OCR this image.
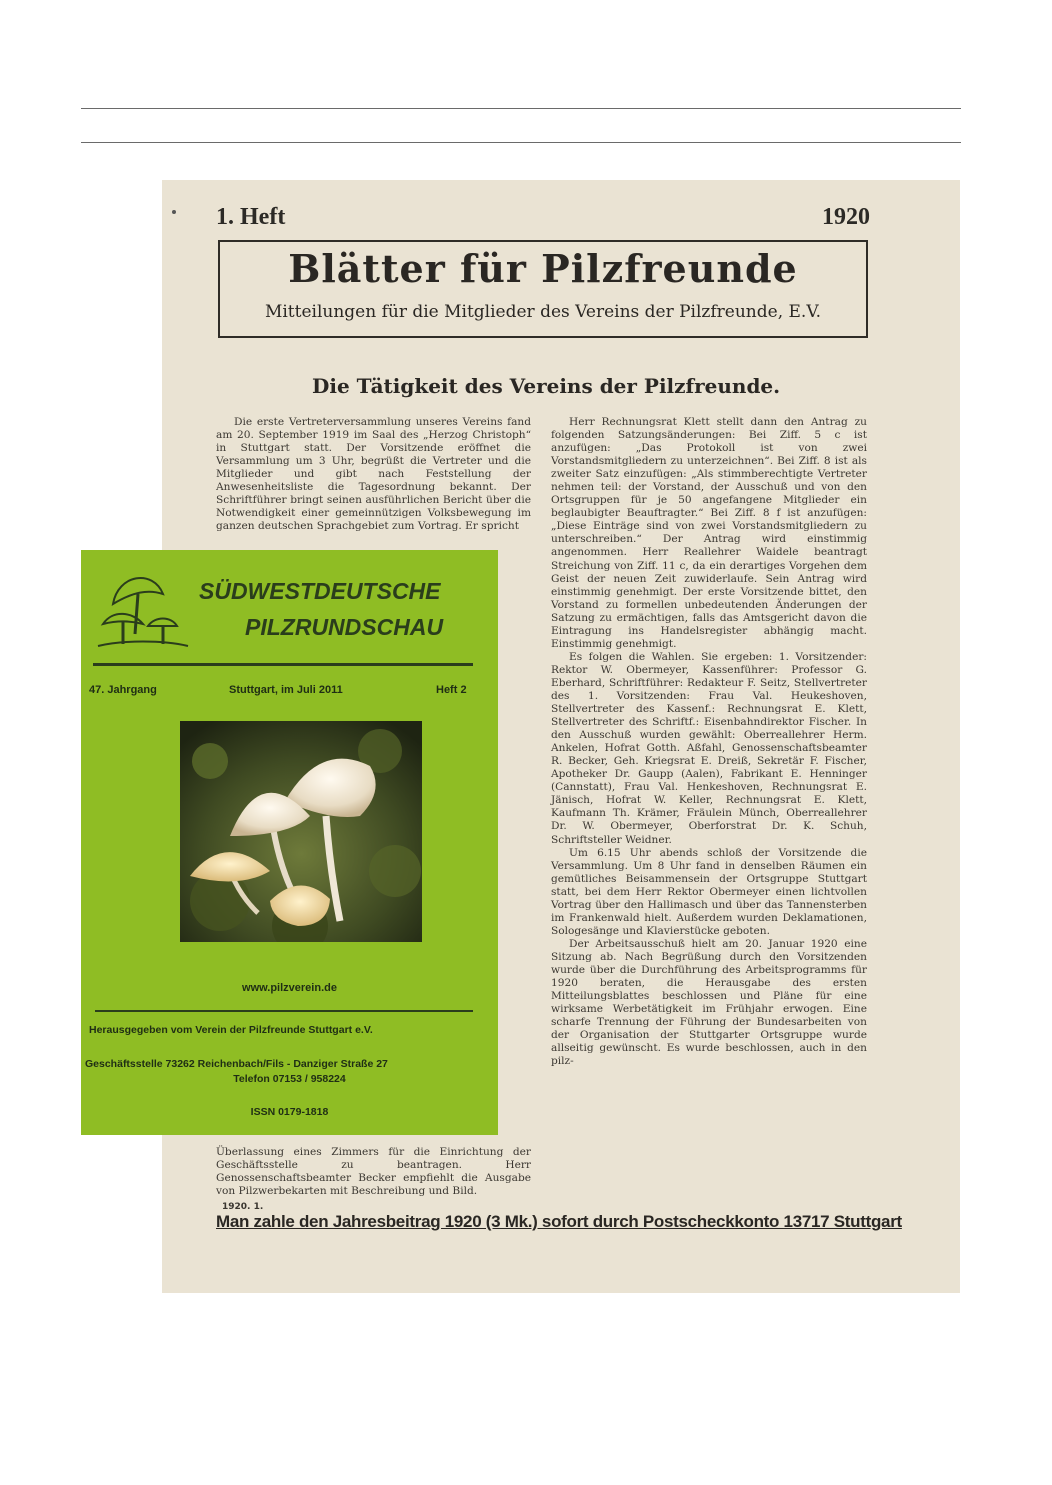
1. Heft	1920
Blätter für Pilzfreunde
Mitteilungen für die Mitglieder des Vereins der Pilzfreunde, E.V.
Die Tätigkeit des Vereins der Pilzfreunde.

Die erste Vertreterversammlung unseres Vereins fand am 20. September 1919 im Saal des „Herzog Christoph“ in Stuttgart statt. Der Vorsitzende eröffnet die Versammlung um 3 Uhr, begrüßt die Vertreter und die Mitglieder und gibt nach Feststellung der Anwesenheitsliste die Tagesordnung bekannt. Der Schriftführer bringt seinen ausführlichen Bericht über die Notwendigkeit einer gemeinnützigen Volksbewegung im ganzen deutschen Sprachgebiet zum Vortrag. Er spricht

Herr Rechnungsrat Klett stellt dann den Antrag zu folgenden Satzungsänderungen: Bei Ziff. 5 c ist anzufügen: „Das Protokoll ist von zwei Vorstandsmitgliedern zu unterzeichnen“. Bei Ziff. 8 ist als zweiter Satz einzufügen: „Als stimmberechtigte Vertreter nehmen teil: der Vorstand, der Ausschuß und von den Ortsgruppen für je 50 angefangene Mitglieder ein beglaubigter Beauftragter.“ Bei Ziff. 8 f ist anzufügen: „Diese Einträge sind von zwei Vorstandsmitgliedern zu unterschreiben.“ Der Antrag wird einstimmig angenommen. Herr Reallehrer Waidele beantragt Streichung von Ziff. 11 c, da ein derartiges Vorgehen dem Geist der neuen Zeit zuwiderlaufe. Sein Antrag wird einstimmig genehmigt. Der erste Vorsitzende bittet, den Vorstand zu formellen unbedeutenden Änderungen der Satzung zu ermächtigen, falls das Amtsgericht davon die Eintragung ins Handelsregister abhängig macht. Einstimmig genehmigt.

Es folgen die Wahlen. Sie ergeben: 1. Vorsitzender: Rektor W. Obermeyer, Kassenführer: Professor G. Eberhard, Schriftführer: Redakteur F. Seitz, Stellvertreter des 1. Vorsitzenden: Frau Val. Heukeshoven, Stellvertreter des Kassenf.: Rechnungsrat E. Klett, Stellvertreter des Schriftf.: Eisenbahndirektor Fischer. In den Ausschuß wurden gewählt: Oberreallehrer Herm. Ankelen, Hofrat Gotth. Aßfahl, Genossenschaftsbeamter R. Becker, Geh. Kriegsrat E. Dreiß, Sekretär F. Fischer, Apotheker Dr. Gaupp (Aalen), Fabrikant E. Henninger (Cannstatt), Frau Val. Henkeshoven, Rechnungsrat E. Jänisch, Hofrat W. Keller, Rechnungsrat E. Klett, Kaufmann Th. Krämer, Fräulein Münch, Oberreallehrer Dr. W. Obermeyer, Oberforstrat Dr. K. Schuh, Schriftsteller Weidner.

Um 6.15 Uhr abends schloß der Vorsitzende die Versammlung. Um 8 Uhr fand in denselben Räumen ein gemütliches Beisammensein der Ortsgruppe Stuttgart statt, bei dem Herr Rektor Obermeyer einen lichtvollen Vortrag über den Hallimasch und über das Tannensterben im Frankenwald hielt. Außerdem wurden Deklamationen, Sologesänge und Klavierstücke geboten.

Der Arbeitsausschuß hielt am 20. Januar 1920 eine Sitzung ab. Nach Begrüßung durch den Vorsitzenden wurde über die Durchführung des Arbeitsprogramms für 1920 beraten, die Herausgabe des ersten Mitteilungsblattes beschlossen und Pläne für eine wirksame Werbetätigkeit im Frühjahr erwogen. Eine scharfe Trennung der Führung der Bundesarbeiten von der Organisation der Stuttgarter Ortsgruppe wurde allseitig gewünscht. Es wurde beschlossen, auch in den pilz-

Überlassung eines Zimmers für die Einrichtung der Geschäftsstelle zu beantragen. Herr Genossenschaftsbeamter Becker empfiehlt die Ausgabe von Pilzwerbekarten mit Beschreibung und Bild.

1920. 1.
Man zahle den Jahresbeitrag 1920 (3 Mk.) sofort durch Postscheckkonto 13717 Stuttgart
SÜDWESTDEUTSCHE
PILZRUNDSCHAU
47. Jahrgang	Stuttgart, im Juli 2011	Heft 2
www.pilzverein.de
Herausgegeben vom Verein der Pilzfreunde Stuttgart e.V.
Geschäftsstelle 73262 Reichenbach/Fils - Danziger Straße 27
Telefon 07153 / 958224
ISSN 0179-1818
